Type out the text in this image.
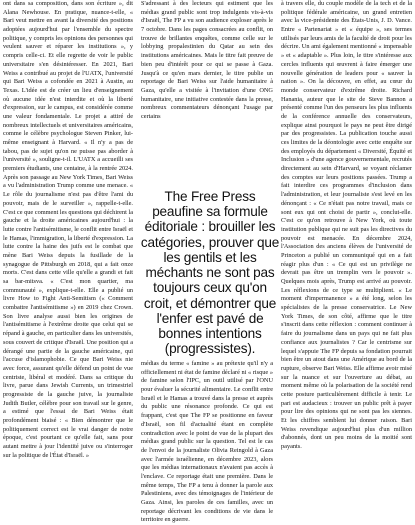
ont dans sa composition, dans son écriture », dit Alana Newhouse. En pratique, nuance-t-elle, « Bari veut mettre en avant la diversité des positions adoptées aujourd'hui par l'ensemble du spectre politique, y compris les opinions des personnes qui veulent sauver et réparer les institutions », y compris celle-ci. Et elle regrette de voir le public universitaire s'en désintéresser. En 2021, Bari Weiss a contribué au projet de l'UATX, l'université qui Bari Weiss a cofondée en 2021 à Austin, au Texas. L'idée est de créer un lieu d'enseignement où aucune idée n'est interdite et où la liberté d'expression, sur le campus, est considérée comme une valeur fondamentale. Le projet a attiré de nombreux intellectuels et universitaires américains, comme le célèbre psychologue Steven Pinker, lui-même enseignant à Harvard. « Il n'y a pas de tabou, pas de sujet qu'on ne puisse pas aborder à l'université », souligne-t-il. L'UATX a accueilli ses premiers étudiants, une centaine, à la rentrée 2024. Après son passage au New York Times, Bari Weiss a vu l'administration Trump comme une menace. « Le rôle du journalisme n'est pas d'être l'ami du pouvoir, mais de le surveiller », rappelle-t-elle. C'est ce que comment les questions qui déchirent la gauche et la droite américaines aujourd'hui : la lutte contre l'antisémitisme, le conflit entre Israël et le Hamas, l'immigration, la liberté d'expression. La lutte contre la haine des juifs est le combat que mène Bari Weiss depuis la fusillade de la synagogue de Pittsburgh en 2018, qui a fait onze morts. C'est dans cette ville qu'elle a grandi et fait sa bar-mitsva. « C'est mon quartier, ma communauté », explique-t-elle. Elle a publié un livre How to Fight Anti-Semitism (« Comment combattre l'antisémitisme ») en 2019 chez Crown. Son livre analyse aussi bien les origines de l'antisémitisme à l'extrême droite que celui qui se répand à gauche, en particulier dans les universités, sous couvert de critique d'Israël. Une position qui a dérangé une partie de la gauche américaine, qui l'accuse d'islamophobie. Ce que Bari Weiss nie avec force, assurant qu'elle défend un point de vue centriste, libéral et modéré. Dans sa critique du livre, parue dans Jewish Currents, un trimestriel progressiste de la gauche juive, la journaliste Judith Butler, célèbre pour son travail sur le genre, a estimé que l'essai de Bari Weiss était profondément biaisé : « Bien démontrer que le politiquement correct est le vrai danger de notre époque, c'est pourtant ce qu'elle fait, sans pour autant mettre à jour l'identité juive ou s'interroger sur la politique de l'État d'Israël. »

S'adressant à des lecteurs qui estiment que les médias grand public sont trop indulgents vis-à-vis d'Israël, The FP a vu son audience exploser après le 7 octobre. Dans les pages consacrées au conflit, on trouve de brillantes enquêtes, comme celle sur le lobbying propalestinien du Qatar au sein des institutions américaines. Mais le titre fait preuve de bien peu d'intérêt pour ce qui se passe à Gaza. Jusqu'à ce qu'en mars dernier, le titre publie un reportage de Bari Weiss sur l'aide humanitaire à Gaza, qu'elle a visitée à l'invitation d'une ONG humanitaire, une initiative contestée dans la presse, nombreux commentateurs dénonçant l'usage par certains

médias du terme « famine » au prétexte qu'il n'y a officiellement ni état de famine déclaré ni « risque » de famine selon l'IPC, un outil utilisé par l'ONU pour évaluer la sécurité alimentaire. Le conflit entre Israël et le Hamas a trouvé dans la presse et auprès du public une résonance profonde. Ce qui est frappant, c'est que The FP se positionne en faveur d'Israël, son fil d'actualité étant en complète contradiction avec le point de vue de la plupart des médias grand public sur la question. Tel est le cas de l'envoi de la journaliste Olivia Reingold à Gaza avec l'armée israélienne, en décembre 2023, alors que les médias internationaux n'avaient pas accès à l'enclave. Ce reportage était une première. Dans le même temps, The FP a tenu à donner la parole aux Palestiniens, avec des témoignages de l'intérieur de Gaza. Ainsi, les paroles de ces familles, avec un reportage décrivant les conditions de vie dans le territoire en guerre.

à travers elle, du couple modèle de la tech et de la politique fédérale américaine, un grand entretien avec la vice-présidente des États-Unis, J. D. Vance. Entre « Partenariat » et « équipe », ses termes utilisés par leurs amis de la faculté de droit pour les décrire. Un ami également mentionné « impensable » et « adaptable ». Plus loin, le titre s'intéresse aux cercles influents qui œuvrent à faire émerger une nouvelle génération de leaders pour « sauver la nation ». On la découvre, en effet, au cœur du monde conservateur d'extrême droite. Richard Hanania, auteur que le site de Steve Bannon a présenté comme l'un des penseurs les plus influents de la conférence annuelle des conservateurs, explique ainsi pourquoi le pays ne peut être dirigé par des progressistes. La publication touche aussi ces limites de la déontologie avec cette enquête sur des employés du département « Diversité, Équité et Inclusion » d'une agence gouvernementale, recrutés directement au sein d'Harvard, se voyant réclamer des comptes sur leurs positions passées. Trump a fait interdire ces programmes d'inclusion dans l'administration, et leur journaliste s'est levé en les dénonçant : « Ce n'était pas notre travail, mais ce sont eux qui ont choisi de partir », conclut-elle. C'est ce qu'on retrouve à New York, où toute institution publique qui ne suit pas les directives du pouvoir est menacée. En décembre 2024, l'Association des anciens élèves de l'université de Princeton a publié un communiqué qui en a fait réagir plus d'un : « Ce qui est un privilège ne devrait pas être un tremplin vers le pouvoir ». Quelques mois après, Trump est arrivé au pouvoir. Les réflexions de ce type se multiplient. « Le moment d'impermanence » a été long, selon les spécialistes de la presse conservatrice. Le New York Times, de son côté, affirme que le titre s'inscrit dans cette réflexion : comment continuer à faire du journalisme dans un pays qui ne fait plus confiance aux journalistes ? Car le centrisme sur lequel s'appuie The FP depuis sa fondation pourrait bien être un atout dans une Amérique au bord de la rupture, observe Bari Weiss. Elle affirme avoir misé sur la nuance et sur l'ouverture au débat, au moment même où la polarisation de la société rend cette posture particulièrement difficile à tenir. Le pari est audacieux : trouver un public prêt à payer pour lire des opinions qui ne sont pas les siennes. Et les chiffres semblent lui donner raison. Bari Weiss revendique aujourd'hui plus d'un million d'abonnés, dont un peu moins de la moitié sont payants.

The Free Press peaufine sa formule éditoriale : brouiller les catégories, prouver que les gentils et les méchants ne sont pas toujours ceux qu'on croit, et démontrer que l'enfer est pavé de bonnes intentions (progressistes).
